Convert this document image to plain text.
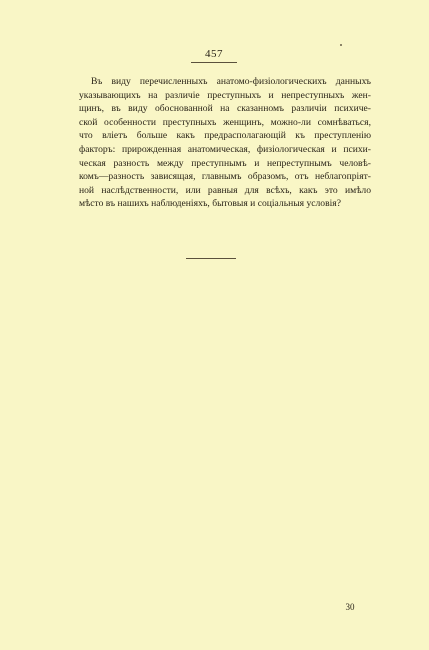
457

Въ виду перечисленныхъ анатомо-физiологическихъ данныхъ
указывающихъ на различiе преступныхъ и непреступныхъ жен-
щинъ, въ виду обоснованной на сказанномъ различiи психиче-
ской особенности преступныхъ женщинъ, можно-ли сомнѣваться,
что влiетъ больше какъ предрасполагающiй къ преступленiю
факторъ: прирожденная анатомическая, физiологическая и психи-
ческая разность между преступнымъ и непреступнымъ человѣ-
комъ—разность зависящая, главнымъ образомъ, отъ неблагопрiят-
ной наслѣдственности, или равныя для всѣхъ, какъ это имѣло
мѣсто въ нашихъ наблюденiяхъ, бытовыя и соцiальныя условiя?

30
